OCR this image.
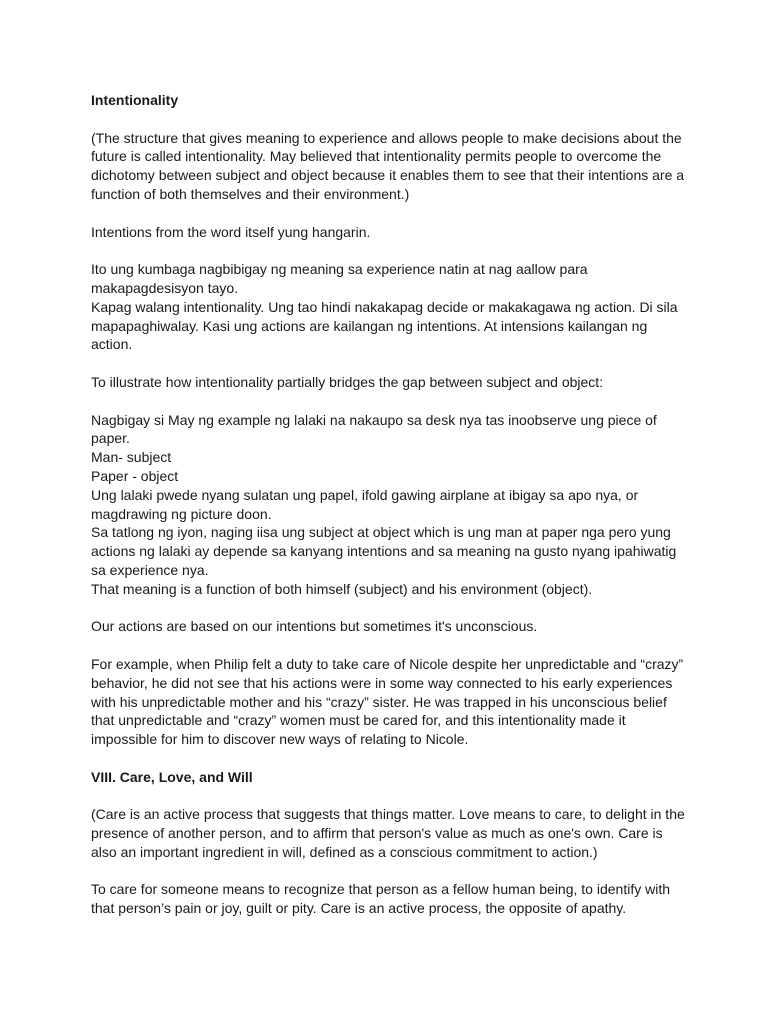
Intentionality

(The structure that gives meaning to experience and allows people to make decisions about the future is called intentionality. May believed that intentionality permits people to overcome the dichotomy between subject and object because it enables them to see that their intentions are a function of both themselves and their environment.)

Intentions from the word itself yung hangarin.

Ito ung kumbaga nagbibigay ng meaning sa experience natin at nag aallow para makapagdesisyon tayo.

Kapag walang intentionality. Ung tao hindi nakakapag decide or makakagawa ng action. Di sila mapapaghiwalay. Kasi ung actions are kailangan ng intentions. At intensions kailangan ng action.

To illustrate how intentionality partially bridges the gap between subject and object:

Nagbigay si May ng example ng lalaki na nakaupo sa desk nya tas inoobserve ung piece of paper.

Man- subject

Paper - object

Ung lalaki pwede nyang sulatan ung papel, ifold gawing airplane at ibigay sa apo nya, or magdrawing ng picture doon.

Sa tatlong ng iyon, naging iisa ung subject at object which is ung man at paper nga pero yung actions ng lalaki ay depende sa kanyang intentions and sa meaning na gusto nyang ipahiwatig sa experience nya.

That meaning is a function of both himself (subject) and his environment (object).

Our actions are based on our intentions but sometimes it's unconscious.

For example, when Philip felt a duty to take care of Nicole despite her unpredictable and “crazy” behavior, he did not see that his actions were in some way connected to his early experiences with his unpredictable mother and his “crazy” sister. He was trapped in his unconscious belief that unpredictable and “crazy” women must be cared for, and this intentionality made it impossible for him to discover new ways of relating to Nicole.

VIII. Care, Love, and Will

(Care is an active process that suggests that things matter. Love means to care, to delight in the presence of another person, and to affirm that person's value as much as one's own. Care is also an important ingredient in will, defined as a conscious commitment to action.)

To care for someone means to recognize that person as a fellow human being, to identify with that person’s pain or joy, guilt or pity. Care is an active process, the opposite of apathy.
